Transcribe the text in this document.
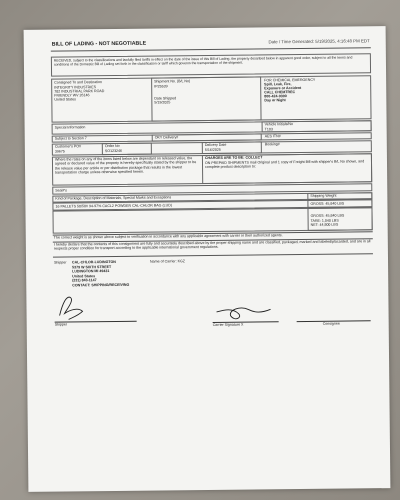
BILL OF LADING - NOT NEGOTIABLE	Date / Time Generated: 5/19/2025, 4:16:48 PM EDT
RECEIVED, subject to the classifications and lawfully filed tariffs in effect on the date of the issue of this Bill of Lading, the property described below in apparent good order, subject to all the terms and conditions of the Domestic Bill of Lading set forth in the classification or tariff which governs the transportation of the shipment.
Consigned To and Destination
INTEGRITY INDUSTRIES
782 INDUSTRIAL PARK ROAD
FRIENDLY WV 26146
United States
Shipment No. (B/L No)
IP25539
Date Shipped
5/19/2025
FOR CHEMICAL EMERGENCY
Spill, Leak, Fire,
Exposure or Accident
CALL CHEMTREC
800-424-9300
Day or Night
Special Information
Vehicle Initials/No
T103
Subject to Section 7	OKY Delivery#	AES ITN#
Customer's PO#
39675
Order No
SO123246
Delivery Date
5/16/2025
Booking#
Where the rates on any of the items listed below are dependant on released value, the agreed or declared value of the property is hereby specifically stated by the shipper to be the release value per article or per distribution package that results in the lowest transportation charge unless otherwise specified herein.
CHARGES ARE TO BE: COLLECT
ON PREPAID SHIPMENTS mail Original and 1 copy of Freight Bill with shipper's B/L No shown, and complete product description to:
Seal#'s
Kind of Package, Description of Materials, Special Marks and Exceptions	Shipping Weight
16 PALLETS 50/50# 94-97% CACL2 POWDER CAL-CHLOR BAG (LUD)	GROSS: 45,840 LBS
GROSS: 45,840 LBS
TARE: 1,040 LBS
NET: 44,800 LBS
The correct weight is as shown above subject to verification in accordance with any applicable agreement with carrier or their authorized agents.
I hereby declare that the contents of this consignment are fully and accurately described above by the proper shipping name and are classified, packaged, marked and labeled/placarded, and are in all respects proper condition for transport according to the applicable international government regulations.
Shipper CAL-CHLOR-LUDINGTON
5379 W SIXTH STREET
LUDINGTON MI 49431
United States
(231) 843-1147
CONTACT: SHIPPING/RECEIVING
Name of Carrier: KGZ
Shipper	Carrier Signature X	Consignee
